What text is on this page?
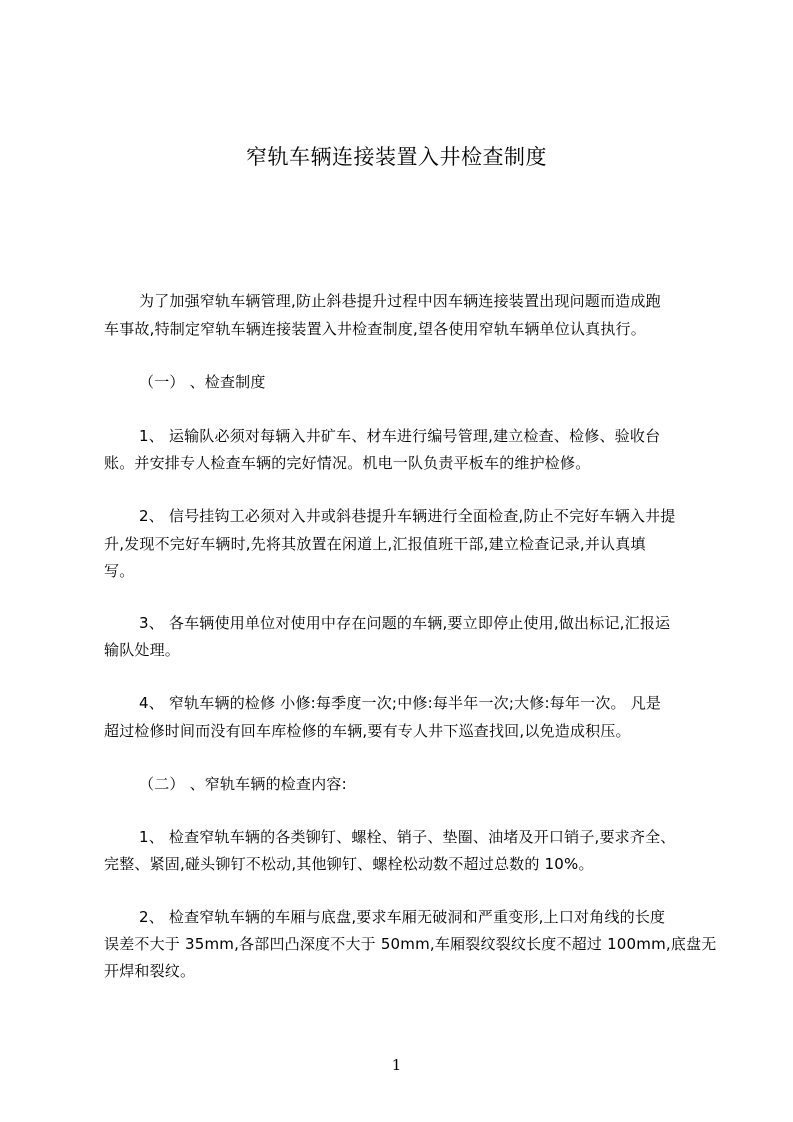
窄轨车辆连接装置入井检查制度
为了加强窄轨车辆管理,防止斜巷提升过程中因车辆连接装置出现问题而造成跑
车事故,特制定窄轨车辆连接装置入井检查制度,望各使用窄轨车辆单位认真执行。
（一） 、检查制度
1、 运输队必须对每辆入井矿车、材车进行编号管理,建立检查、检修、验收台
账。并安排专人检查车辆的完好情况。机电一队负责平板车的维护检修。
2、 信号挂钩工必须对入井或斜巷提升车辆进行全面检查,防止不完好车辆入井提
升,发现不完好车辆时,先将其放置在闲道上,汇报值班干部,建立检查记录,并认真填
写。
3、 各车辆使用单位对使用中存在问题的车辆,要立即停止使用,做出标记,汇报运
输队处理。
4、 窄轨车辆的检修 小修:每季度一次;中修:每半年一次;大修:每年一次。 凡是
超过检修时间而没有回车库检修的车辆,要有专人井下巡查找回,以免造成积压。
（二） 、窄轨车辆的检查内容:
1、 检查窄轨车辆的各类铆钉、螺栓、销子、垫圈、油堵及开口销子,要求齐全、
完整、紧固,碰头铆钉不松动,其他铆钉、螺栓松动数不超过总数的 10%。
2、 检查窄轨车辆的车厢与底盘,要求车厢无破洞和严重变形,上口对角线的长度
误差不大于 35mm,各部凹凸深度不大于 50mm,车厢裂纹裂纹长度不超过 100mm,底盘无
开焊和裂纹。
1
